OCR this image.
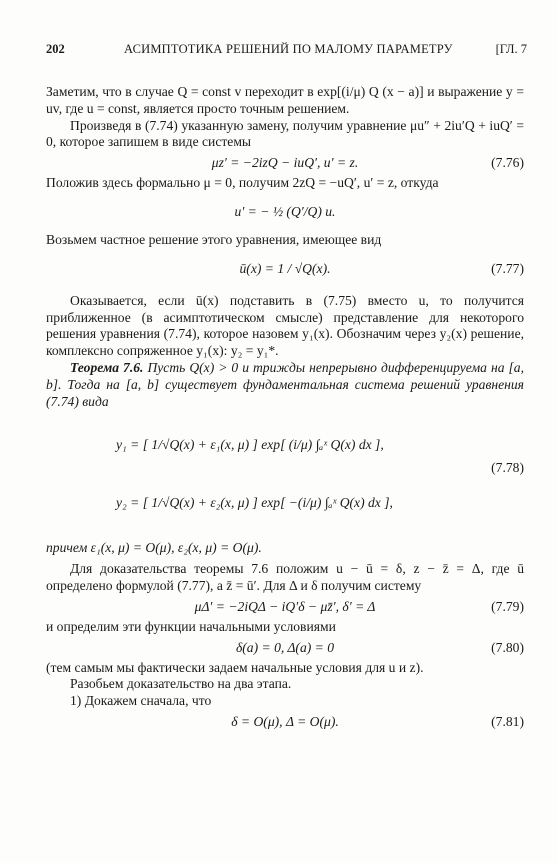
202	АСИМПТОТИКА РЕШЕНИЙ ПО МАЛОМУ ПАРАМЕТРУ	[ГЛ. 7

Заметим, что в случае Q = const v переходит в exp[(i/μ) Q (x − a)] и выражение y = uv, где u = const, является просто точным решением.

Произведя в (7.74) указанную замену, получим уравнение μu″ + 2iu′Q + iuQ′ = 0, которое запишем в виде системы

μz′ = −2izQ − iuQ′, u′ = z.	(7.76)

Положив здесь формально μ = 0, получим 2zQ = −uQ′, u′ = z, откуда

u′ = − ½ (Q′/Q) u.

Возьмем частное решение этого уравнения, имеющее вид

ū(x) = 1 / √Q(x).	(7.77)

Оказывается, если ū(x) подставить в (7.75) вместо u, то получится приближенное (в асимптотическом смысле) представление для некоторого решения уравнения (7.74), которое назовем y₁(x). Обозначим через y₂(x) решение, комплексно сопряженное y₁(x): y₂ = y₁*.

Теорема 7.6. Пусть Q(x) > 0 и трижды непрерывно дифференцируема на [a, b]. Тогда на [a, b] существует фундаментальная система решений уравнения (7.74) вида

y₁ = [ 1/√Q(x) + ε₁(x, μ) ] exp[ (i/μ) ∫ₐˣ Q(x) dx ],
y₂ = [ 1/√Q(x) + ε₂(x, μ) ] exp[ −(i/μ) ∫ₐˣ Q(x) dx ],
(7.78)

причем ε₁(x, μ) = O(μ), ε₂(x, μ) = O(μ).

Для доказательства теоремы 7.6 положим u − ū = δ, z − z̄ = Δ, где ū определено формулой (7.77), а z̄ = ū′. Для Δ и δ получим систему

μΔ′ = −2iQΔ − iQ′δ − μz̄′, δ′ = Δ	(7.79)

и определим эти функции начальными условиями

δ(a) = 0, Δ(a) = 0	(7.80)

(тем самым мы фактически задаем начальные условия для u и z).

Разобьем доказательство на два этапа.

1) Докажем сначала, что

δ = O(μ), Δ = O(μ).	(7.81)
